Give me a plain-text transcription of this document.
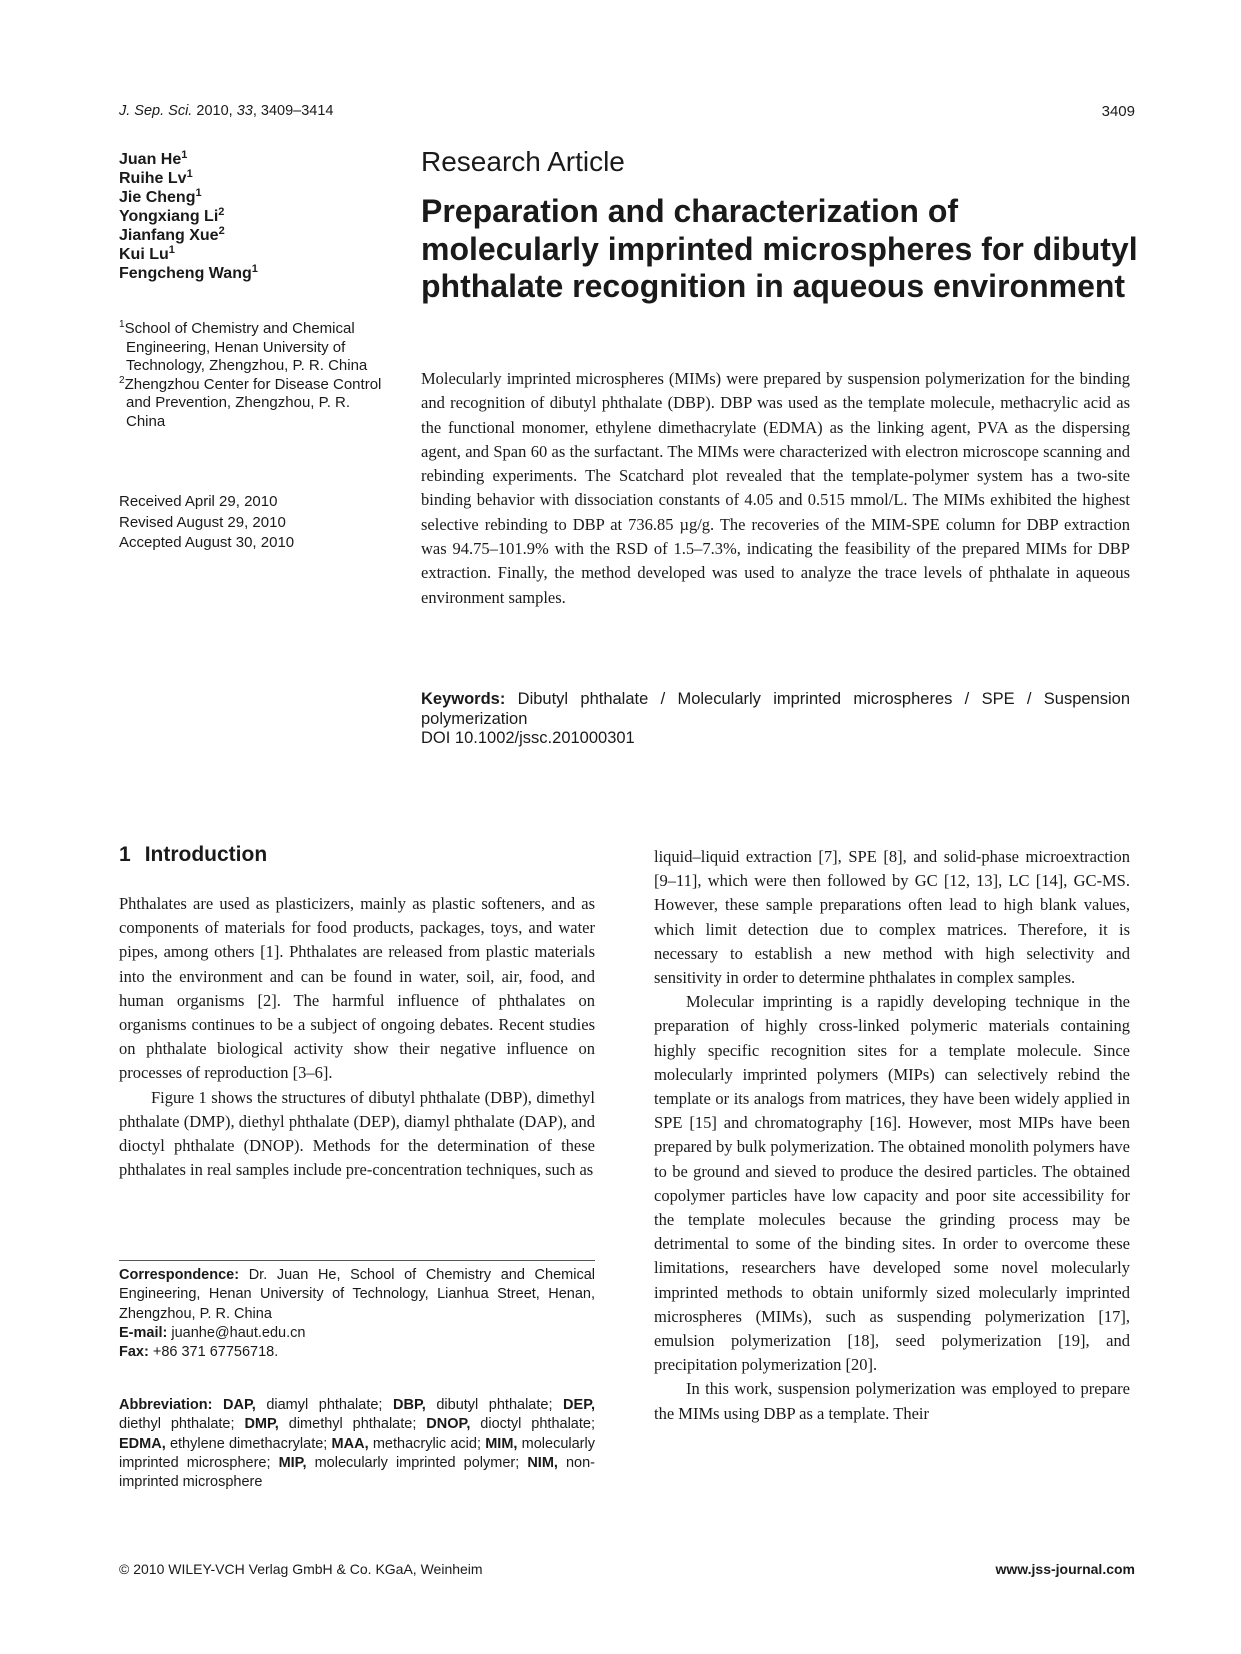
J. Sep. Sci. 2010, 33, 3409–3414	3409
Juan He$^1$
Ruihe Lv$^1$
Jie Cheng$^1$
Yongxiang Li$^2$
Jianfang Xue$^2$
Kui Lu$^1$
Fengcheng Wang$^1$
$^1$School of Chemistry and Chemical Engineering, Henan University of Technology, Zhengzhou, P. R. China
$^2$Zhengzhou Center for Disease Control and Prevention, Zhengzhou, P. R. China
Received April 29, 2010
Revised August 29, 2010
Accepted August 30, 2010
Research Article
Preparation and characterization of molecularly imprinted microspheres for dibutyl phthalate recognition in aqueous environment

Molecularly imprinted microspheres (MIMs) were prepared by suspension polymerization for the binding and recognition of dibutyl phthalate (DBP). DBP was used as the template molecule, methacrylic acid as the functional monomer, ethylene dimethacrylate (EDMA) as the linking agent, PVA as the dispersing agent, and Span 60 as the surfactant. The MIMs were characterized with electron microscope scanning and rebinding experiments. The Scatchard plot revealed that the template-polymer system has a two-site binding behavior with dissociation constants of 4.05 and 0.515 mmol/L. The MIMs exhibited the highest selective rebinding to DBP at 736.85 µg/g. The recoveries of the MIM-SPE column for DBP extraction was 94.75–101.9% with the RSD of 1.5–7.3%, indicating the feasibility of the prepared MIMs for DBP extraction. Finally, the method developed was used to analyze the trace levels of phthalate in aqueous environment samples.

Keywords: Dibutyl phthalate / Molecularly imprinted microspheres / SPE / Suspension polymerization
DOI 10.1002/jssc.201000301
1 Introduction

Phthalates are used as plasticizers, mainly as plastic softeners, and as components of materials for food products, packages, toys, and water pipes, among others [1]. Phthalates are released from plastic materials into the environment and can be found in water, soil, air, food, and human organisms [2]. The harmful influence of phthalates on organisms continues to be a subject of ongoing debates. Recent studies on phthalate biological activity show their negative influence on processes of reproduction [3–6].

Figure 1 shows the structures of dibutyl phthalate (DBP), dimethyl phthalate (DMP), diethyl phthalate (DEP), diamyl phthalate (DAP), and dioctyl phthalate (DNOP). Methods for the determination of these phthalates in real samples include pre-concentration techniques, such as

liquid–liquid extraction [7], SPE [8], and solid-phase microextraction [9–11], which were then followed by GC [12, 13], LC [14], GC-MS. However, these sample preparations often lead to high blank values, which limit detection due to complex matrices. Therefore, it is necessary to establish a new method with high selectivity and sensitivity in order to determine phthalates in complex samples.

Molecular imprinting is a rapidly developing technique in the preparation of highly cross-linked polymeric materials containing highly specific recognition sites for a template molecule. Since molecularly imprinted polymers (MIPs) can selectively rebind the template or its analogs from matrices, they have been widely applied in SPE [15] and chromatography [16]. However, most MIPs have been prepared by bulk polymerization. The obtained monolith polymers have to be ground and sieved to produce the desired particles. The obtained copolymer particles have low capacity and poor site accessibility for the template molecules because the grinding process may be detrimental to some of the binding sites. In order to overcome these limitations, researchers have developed some novel molecularly imprinted methods to obtain uniformly sized molecularly imprinted microspheres (MIMs), such as suspending polymerization [17], emulsion polymerization [18], seed polymerization [19], and precipitation polymerization [20].

In this work, suspension polymerization was employed to prepare the MIMs using DBP as a template. Their

Correspondence: Dr. Juan He, School of Chemistry and Chemical Engineering, Henan University of Technology, Lianhua Street, Henan, Zhengzhou, P. R. China
E-mail: juanhe@haut.edu.cn
Fax: +86 371 67756718.
Abbreviation: DAP, diamyl phthalate; DBP, dibutyl phthalate; DEP, diethyl phthalate; DMP, dimethyl phthalate; DNOP, dioctyl phthalate; EDMA, ethylene dimethacrylate; MAA, methacrylic acid; MIM, molecularly imprinted microsphere; MIP, molecularly imprinted polymer; NIM, non-imprinted microsphere
© 2010 WILEY-VCH Verlag GmbH & Co. KGaA, Weinheim	www.jss-journal.com
